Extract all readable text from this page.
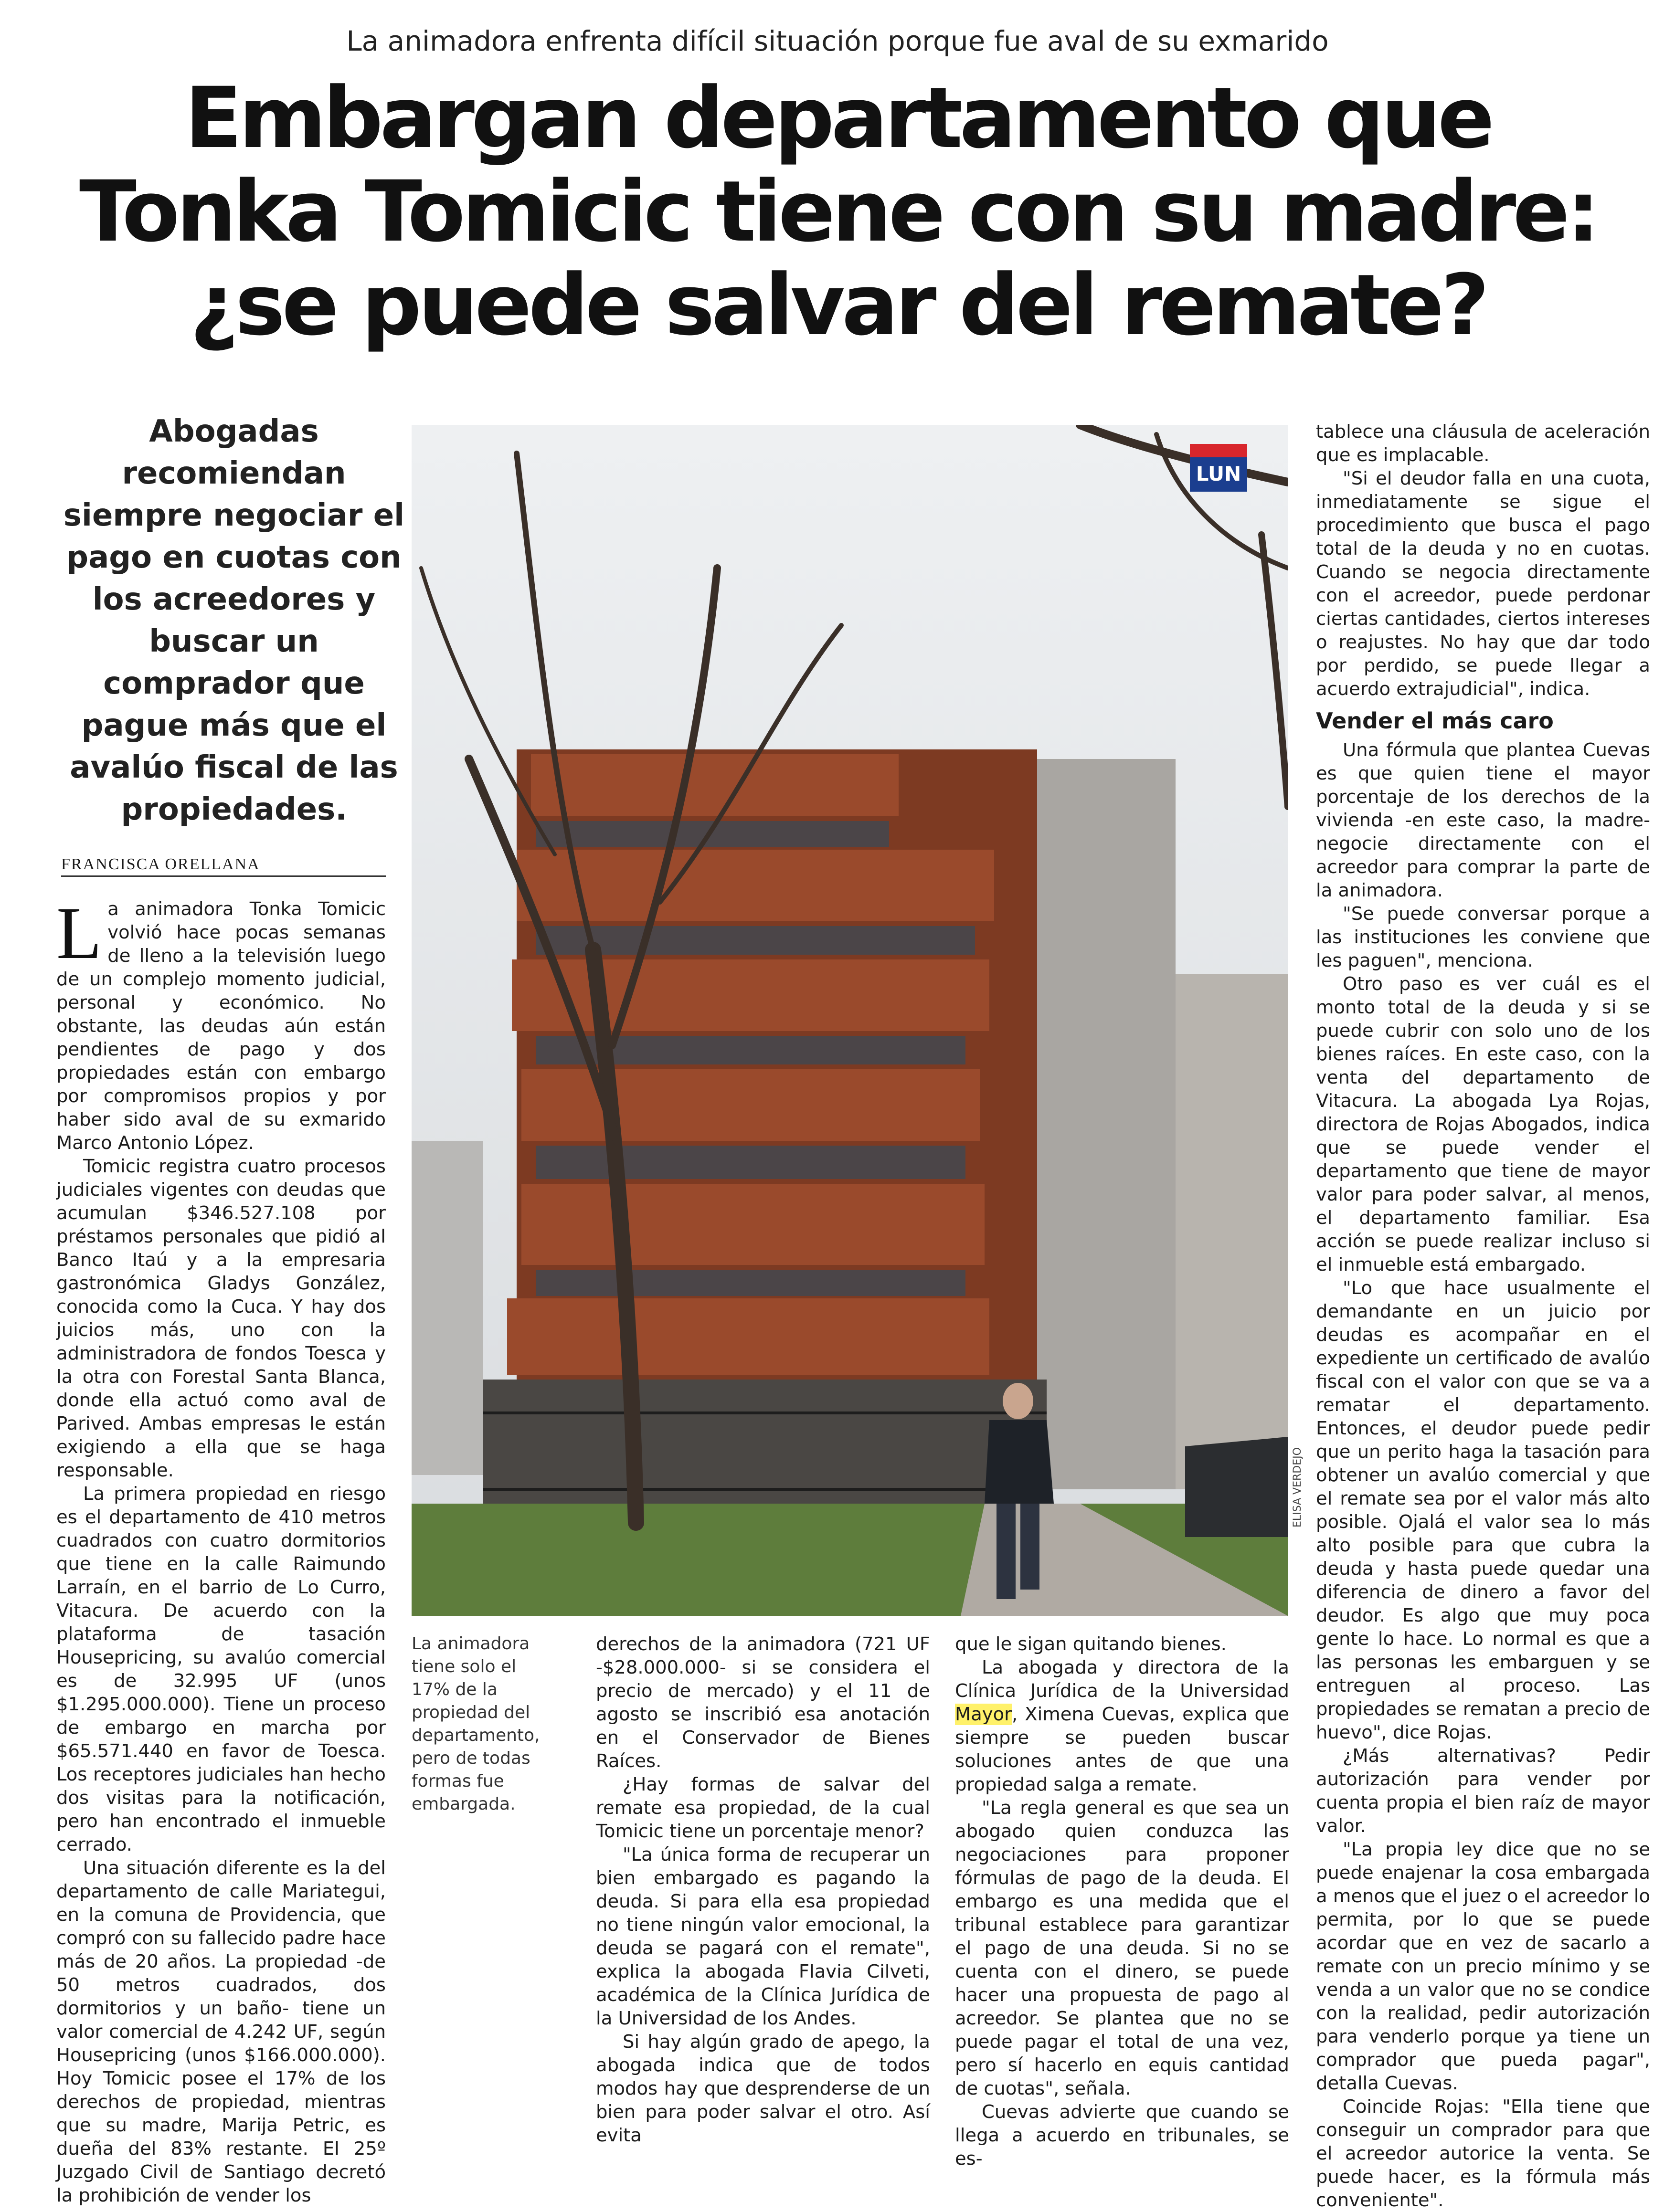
La animadora enfrenta difícil situación porque fue aval de su exmarido
Embargan departamento que Tonka Tomicic tiene con su madre: ¿se puede salvar del remate?
Abogadas recomiendan siempre negociar el pago en cuotas con los acreedores y buscar un comprador que pague más que el avalúo fiscal de las propiedades.
FRANCISCA ORELLANA
LUN
ELISA VERDEJO
La animadora tiene solo el 17% de la propiedad del departamento, pero de todas formas fue embargada.

La animadora Tonka Tomicic volvió hace pocas semanas de lleno a la televisión luego de un complejo momento judicial, personal y económico. No obstante, las deudas aún están pendientes de pago y dos propiedades están con embargo por compromisos propios y por haber sido aval de su exmarido Marco Antonio López.

Tomicic registra cuatro procesos judiciales vigentes con deudas que acumulan $346.527.108 por préstamos personales que pidió al Banco Itaú y a la empresaria gastronómica Gladys González, conocida como la Cuca. Y hay dos juicios más, uno con la administradora de fondos Toesca y la otra con Forestal Santa Blanca, donde ella actuó como aval de Parived. Ambas empresas le están exigiendo a ella que se haga responsable.

La primera propiedad en riesgo es el departamento de 410 metros cuadrados con cuatro dormitorios que tiene en la calle Raimundo Larraín, en el barrio de Lo Curro, Vitacura. De acuerdo con la plataforma de tasación Housepricing, su avalúo comercial es de 32.995 UF (unos $1.295.000.000). Tiene un proceso de embargo en marcha por $65.571.440 en favor de Toesca. Los receptores judiciales han hecho dos visitas para la notificación, pero han encontrado el inmueble cerrado.

Una situación diferente es la del departamento de calle Mariategui, en la comuna de Providencia, que compró con su fallecido padre hace más de 20 años. La propiedad -de 50 metros cuadrados, dos dormitorios y un baño- tiene un valor comercial de 4.242 UF, según Housepricing (unos $166.000.000). Hoy Tomicic posee el 17% de los derechos de propiedad, mientras que su madre, Marija Petric, es dueña del 83% restante. El 25º Juzgado Civil de Santiago decretó la prohibición de vender los

derechos de la animadora (721 UF -$28.000.000- si se considera el precio de mercado) y el 11 de agosto se inscribió esa anotación en el Conservador de Bienes Raíces.

¿Hay formas de salvar del remate esa propiedad, de la cual Tomicic tiene un porcentaje menor?

"La única forma de recuperar un bien embargado es pagando la deuda. Si para ella esa propiedad no tiene ningún valor emocional, la deuda se pagará con el remate", explica la abogada Flavia Cilveti, académica de la Clínica Jurídica de la Universidad de los Andes.

Si hay algún grado de apego, la abogada indica que de todos modos hay que desprenderse de un bien para poder salvar el otro. Así evita

que le sigan quitando bienes.

La abogada y directora de la Clínica Jurídica de la Universidad Mayor, Ximena Cuevas, explica que siempre se pueden buscar soluciones antes de que una propiedad salga a remate.

"La regla general es que sea un abogado quien conduzca las negociaciones para proponer fórmulas de pago de la deuda. El embargo es una medida que el tribunal establece para garantizar el pago de una deuda. Si no se cuenta con el dinero, se puede hacer una propuesta de pago al acreedor. Se plantea que no se puede pagar el total de una vez, pero sí hacerlo en equis cantidad de cuotas", señala.

Cuevas advierte que cuando se llega a acuerdo en tribunales, se es-

tablece una cláusula de aceleración que es implacable.

"Si el deudor falla en una cuota, inmediatamente se sigue el procedimiento que busca el pago total de la deuda y no en cuotas. Cuando se negocia directamente con el acreedor, puede perdonar ciertas cantidades, ciertos intereses o reajustes. No hay que dar todo por perdido, se puede llegar a acuerdo extrajudicial", indica.

Vender el más caro

Una fórmula que plantea Cuevas es que quien tiene el mayor porcentaje de los derechos de la vivienda -en este caso, la madre- negocie directamente con el acreedor para comprar la parte de la animadora.

"Se puede conversar porque a las instituciones les conviene que les paguen", menciona.

Otro paso es ver cuál es el monto total de la deuda y si se puede cubrir con solo uno de los bienes raíces. En este caso, con la venta del departamento de Vitacura. La abogada Lya Rojas, directora de Rojas Abogados, indica que se puede vender el departamento que tiene de mayor valor para poder salvar, al menos, el departamento familiar. Esa acción se puede realizar incluso si el inmueble está embargado.

"Lo que hace usualmente el demandante en un juicio por deudas es acompañar en el expediente un certificado de avalúo fiscal con el valor con que se va a rematar el departamento. Entonces, el deudor puede pedir que un perito haga la tasación para obtener un avalúo comercial y que el remate sea por el valor más alto posible. Ojalá el valor sea lo más alto posible para que cubra la deuda y hasta puede quedar una diferencia de dinero a favor del deudor. Es algo que muy poca gente lo hace. Lo normal es que a las personas les embarguen y se entreguen al proceso. Las propiedades se rematan a precio de huevo", dice Rojas.

¿Más alternativas? Pedir autorización para vender por cuenta propia el bien raíz de mayor valor.

"La propia ley dice que no se puede enajenar la cosa embargada a menos que el juez o el acreedor lo permita, por lo que se puede acordar que en vez de sacarlo a remate con un precio mínimo y se venda a un valor que no se condice con la realidad, pedir autorización para venderlo porque ya tiene un comprador que pueda pagar", detalla Cuevas.

Coincide Rojas: "Ella tiene que conseguir un comprador para que el acreedor autorice la venta. Se puede hacer, es la fórmula más conveniente".
